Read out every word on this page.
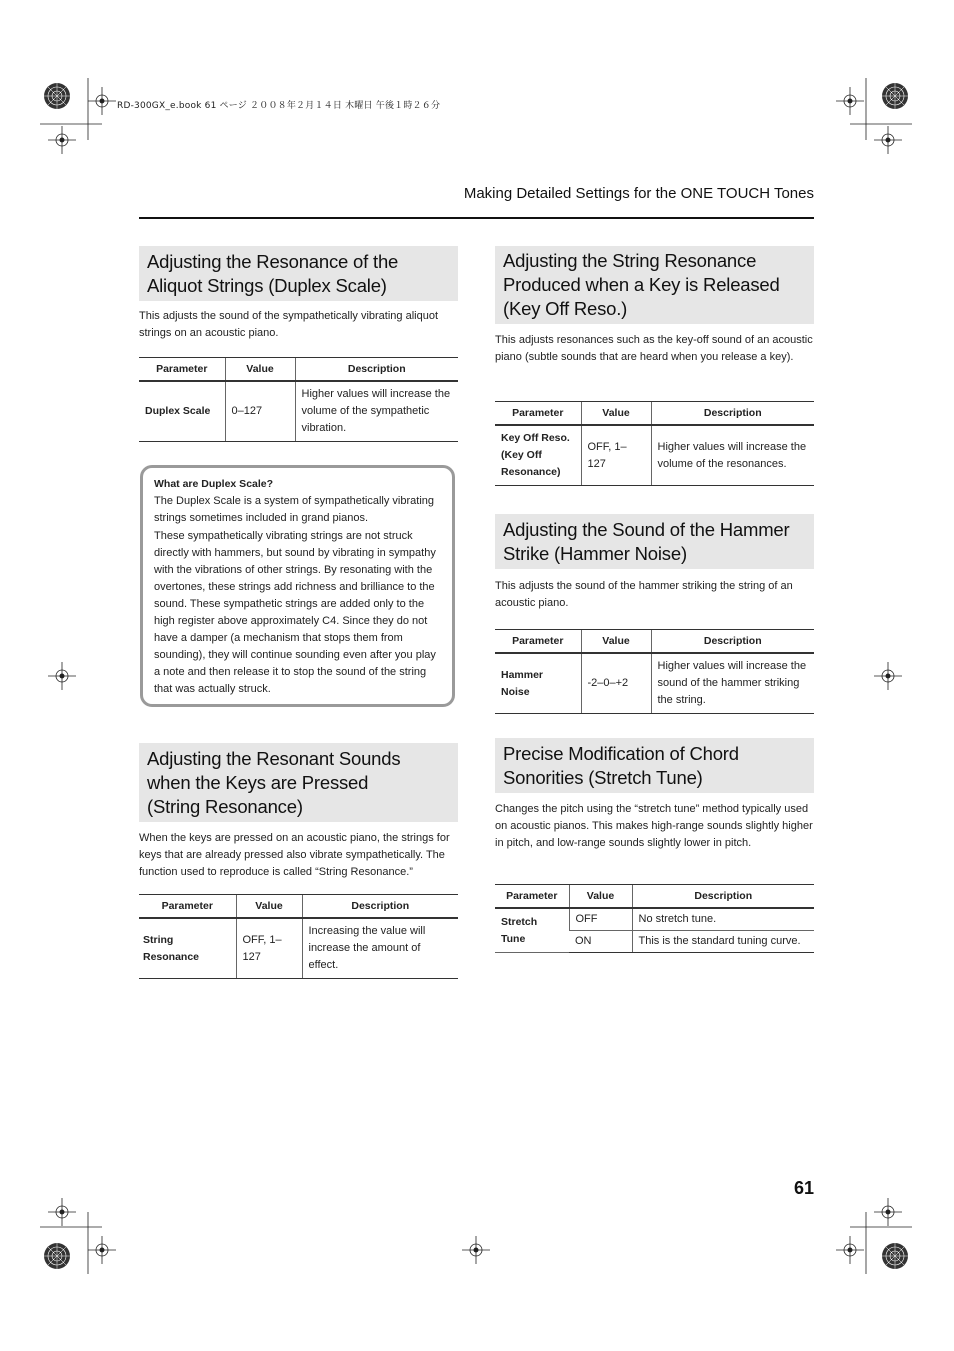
RD-300GX_e.book 61 ページ ２００８年２月１４日 木曜日 午後１時２６分
Making Detailed Settings for the ONE TOUCH Tones
Adjusting the Resonance of the Aliquot Strings (Duplex Scale)

This adjusts the sound of the sympathetically vibrating aliquot strings on an acoustic piano.

Parameter	Value	Description
Duplex Scale	0–127	Higher values will increase the volume of the sympathetic vibration.

What are Duplex Scale?

The Duplex Scale is a system of sympathetically vibrating strings sometimes included in grand pianos.

These sympathetically vibrating strings are not struck directly with hammers, but sound by vibrating in sympathy with the vibrations of other strings. By resonating with the overtones, these strings add richness and brilliance to the sound. These sympathetic strings are added only to the high register above approximately C4. Since they do not have a damper (a mechanism that stops them from sounding), they will continue sounding even after you play a note and then release it to stop the sound of the string that was actually struck.

Adjusting the Resonant Sounds when the Keys are Pressed (String Resonance)

When the keys are pressed on an acoustic piano, the strings for keys that are already pressed also vibrate sympathetically. The function used to reproduce is called “String Resonance.”

Parameter	Value	Description
String Resonance	OFF, 1–127	Increasing the value will increase the amount of effect.
Adjusting the String Resonance Produced when a Key is Released (Key Off Reso.)

This adjusts resonances such as the key-off sound of an acoustic piano (subtle sounds that are heard when you release a key).

Parameter	Value	Description
Key Off Reso. (Key Off Resonance)	OFF, 1–127	Higher values will increase the volume of the resonances.
Adjusting the Sound of the Hammer Strike (Hammer Noise)

This adjusts the sound of the hammer striking the string of an acoustic piano.

Parameter	Value	Description
Hammer Noise	-2–0–+2	Higher values will increase the sound of the hammer striking the string.
Precise Modification of Chord Sonorities (Stretch Tune)

Changes the pitch using the “stretch tune” method typically used on acoustic pianos. This makes high-range sounds slightly higher in pitch, and low-range sounds slightly lower in pitch.

Parameter	Value	Description
Stretch Tune	OFF	No stretch tune.
	ON	This is the standard tuning curve.
61
